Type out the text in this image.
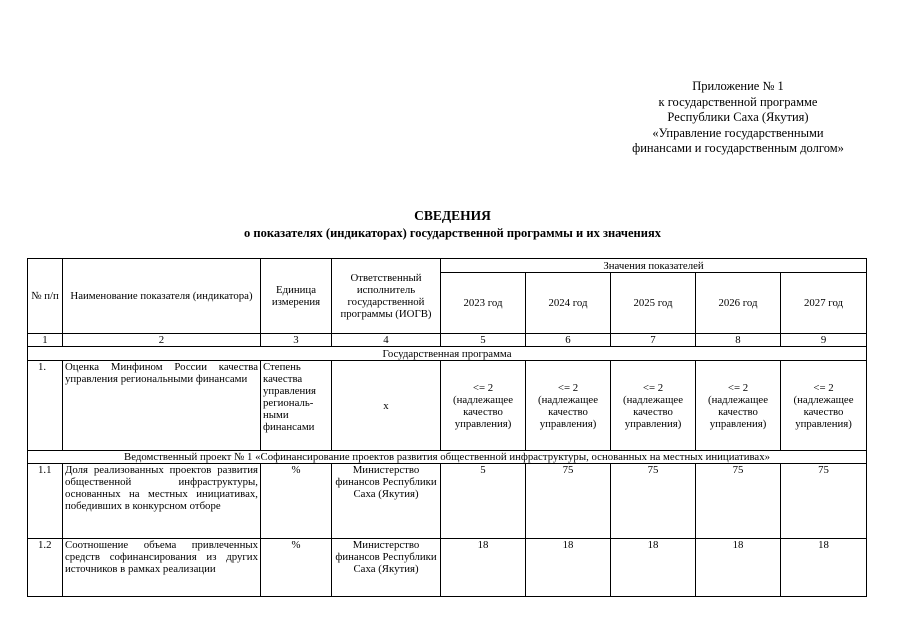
Приложение № 1
к государственной программе
Республики Саха (Якутия)
«Управление государственными
финансами и государственным долгом»
СВЕДЕНИЯ
о показателях (индикаторах) государственной программы и их значениях
№ п/п	Наименование показателя (индикатора)	Единица измерения	Ответственный исполнитель государственной программы (ИОГВ)	Значения показателей				
				2023 год	2024 год	2025 год	2026 год	2027 год
1	2	3	4	5	6	7	8	9
Государственная программа								
1.	Оценка Минфином России качества управления региональными финансами	Степень качества управления региональ-ными финансами	х	<= 2 (надлежащее качество управления)	<= 2 (надлежащее качество управления)	<= 2 (надлежащее качество управления)	<= 2 (надлежащее качество управления)	<= 2 (надлежащее качество управления)
Ведомственный проект № 1 «Софинансирование проектов развития общественной инфраструктуры, основанных на местных инициативах»								
1.1	Доля реализованных проектов развития общественной инфраструктуры, основанных на местных инициативах, победивших в конкурсном отборе	%	Министерство финансов Республики Саха (Якутия)	5	75	75	75	75
1.2	Соотношение объема привлеченных средств софинансирования из других источников в рамках реализации	%	Министерство финансов Республики Саха (Якутия)	18	18	18	18	18
